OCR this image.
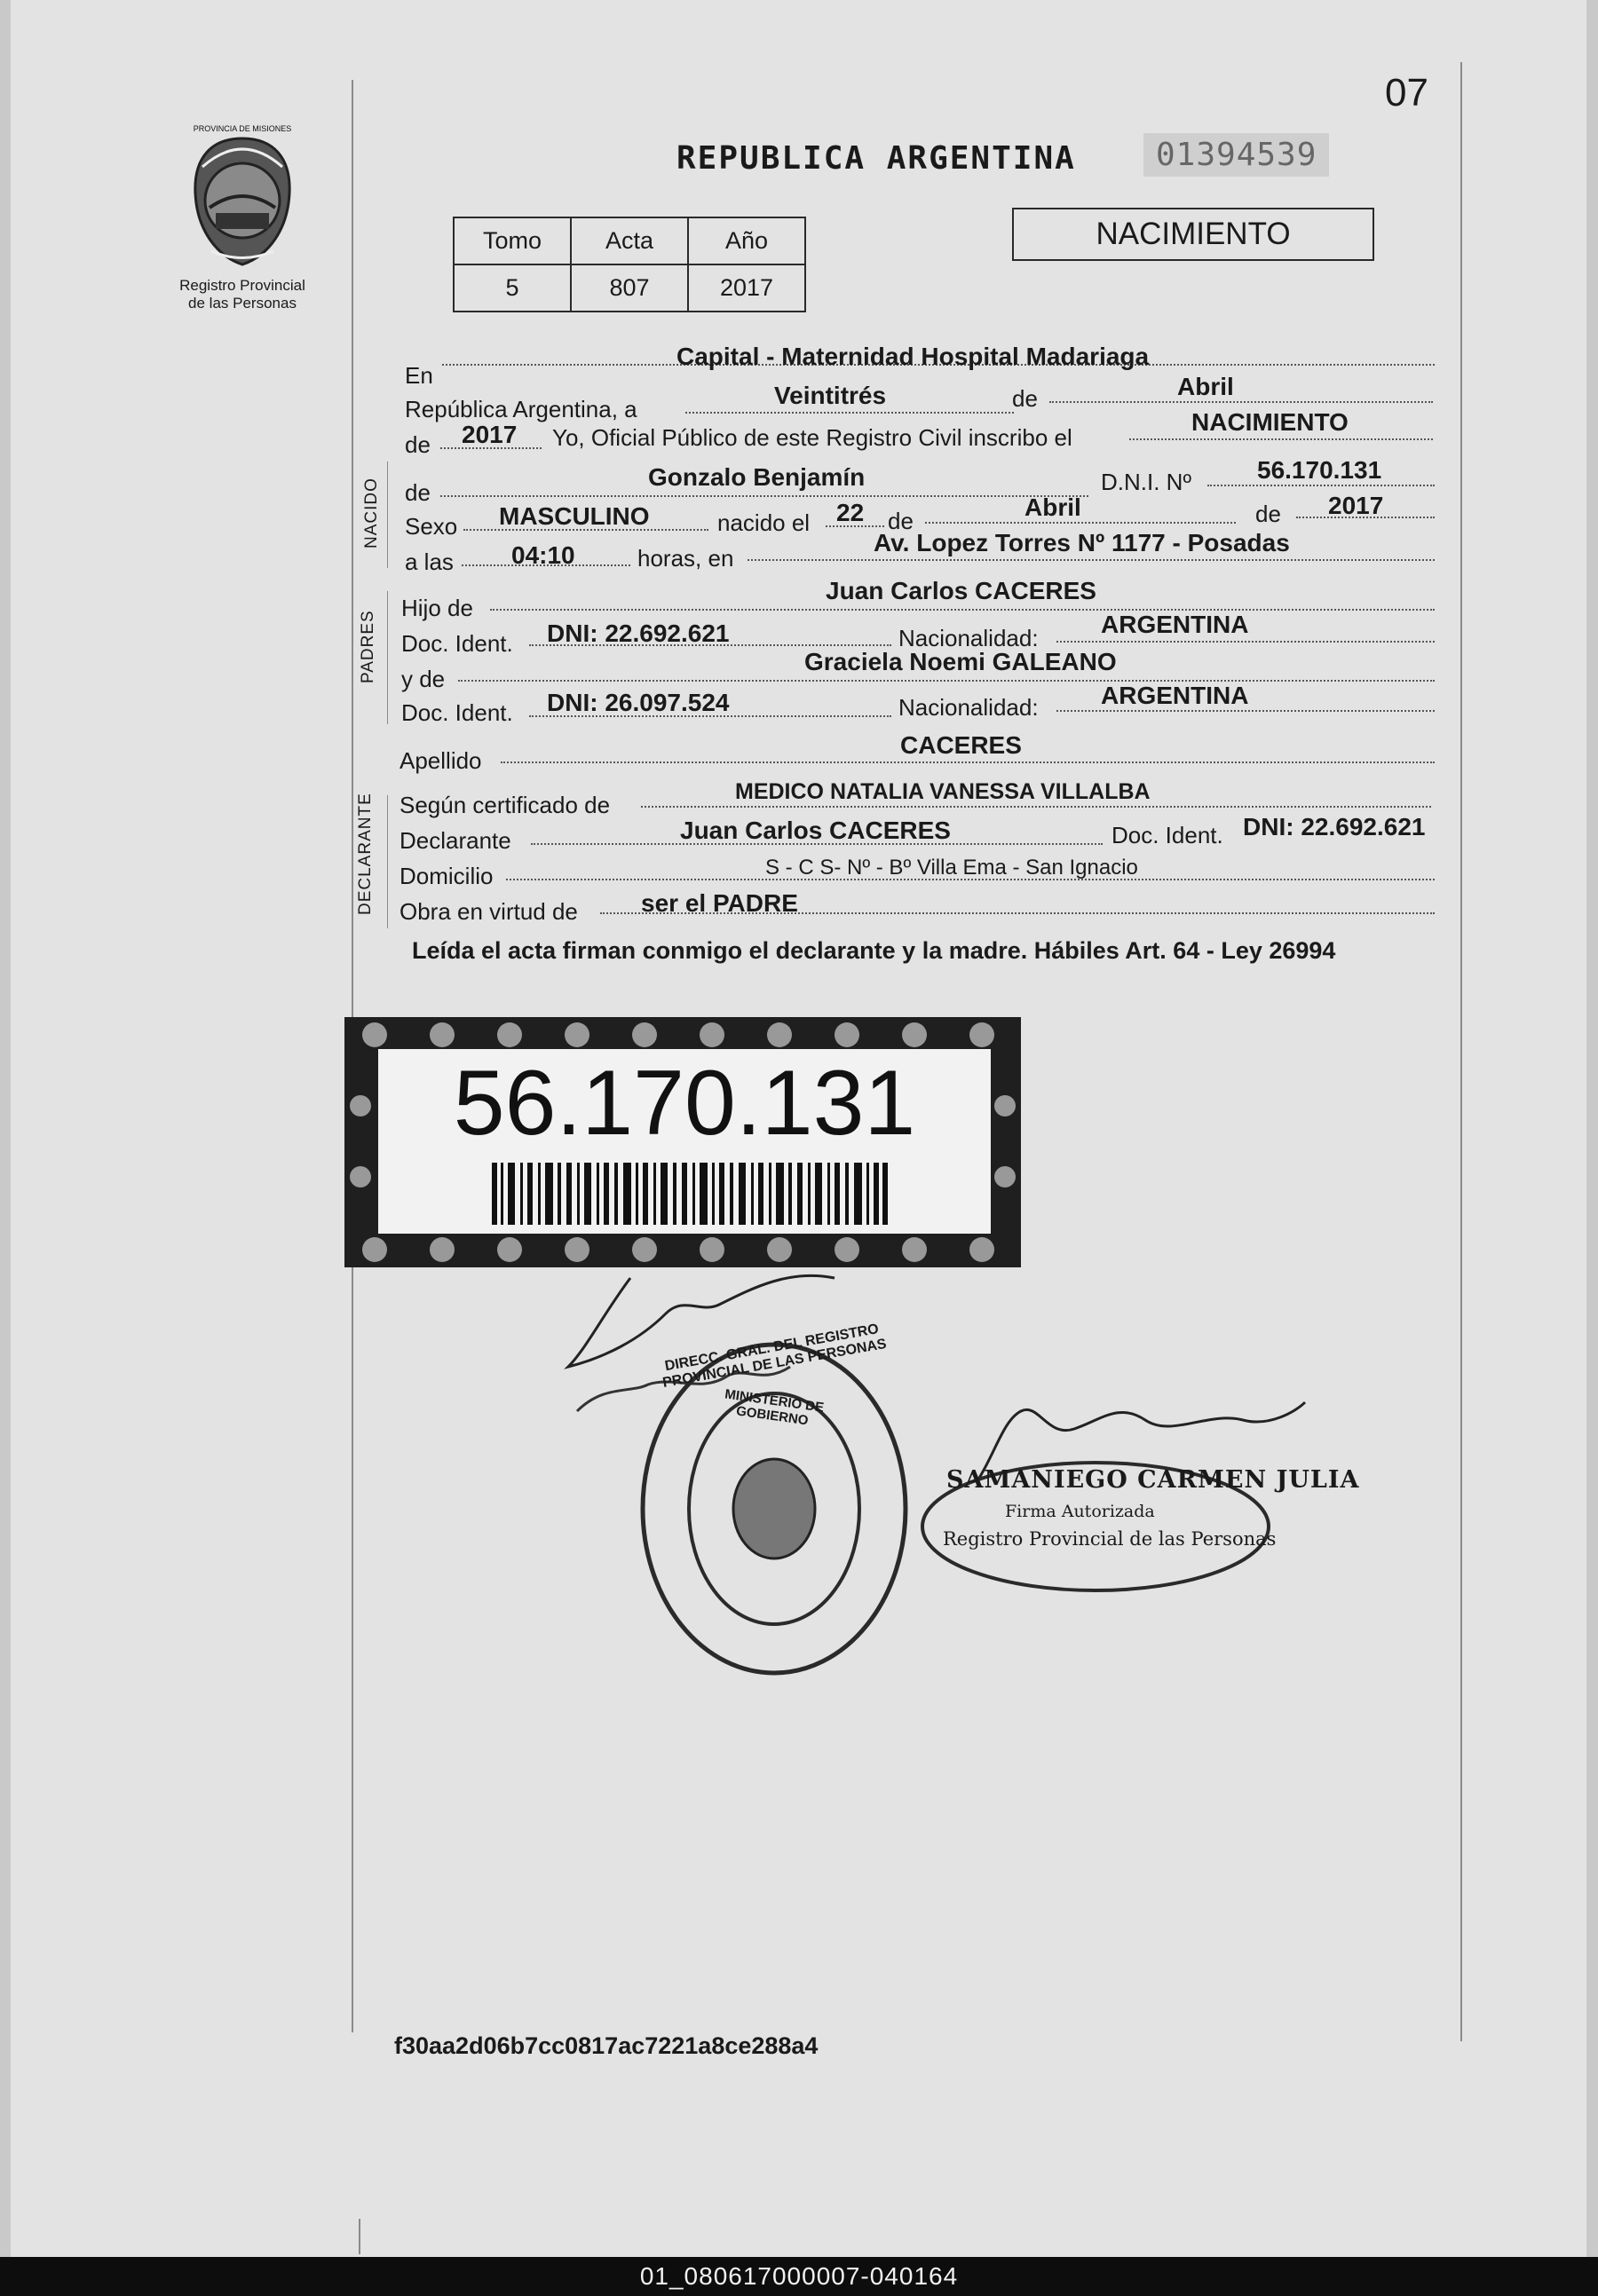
07
Registro Provincial
de las Personas
PROVINCIA DE MISIONES
REPUBLICA ARGENTINA	01394539
Tomo	Acta	Año
5	807	2017
NACIMIENTO
En
Capital - Maternidad Hospital Madariaga
República Argentina, a	Veintitrés	de	Abril
de 2017 Yo, Oficial Público de este Registro Civil inscribo el
NACIMIENTO
NACIDO de
Gonzalo Benjamín	D.N.I. Nº	56.170.131
Sexo MASCULINO	nacido el 22 de	Abril	de 2017
a las 04:10	horas, en
Av. Lopez Torres Nº 1177 - Posadas
PADRES
Hijo de
Juan Carlos CACERES
Doc. Ident. DNI: 22.692.621	Nacionalidad:	ARGENTINA
y de
Graciela Noemi GALEANO
Doc. Ident. DNI: 26.097.524	Nacionalidad:	ARGENTINA
Apellido
CACERES
DECLARANTE Según certificado de	MEDICO NATALIA VANESSA VILLALBA
Declarante	Juan Carlos CACERES	Doc. Ident. DNI: 22.692.621
Domicilio	S - C S- Nº - Bº Villa Ema - San Ignacio
Obra en virtud de	ser el PADRE
Leída el acta firman conmigo el declarante y la madre. Hábiles Art. 64 - Ley 26994
56.170.131
DIRECC. GRAL. DEL REGISTRO PROVINCIAL DE LAS PERSONAS
MINISTERIO DE GOBIERNO
SAMANIEGO CARMEN JULIA
Firma Autorizada
Registro Provincial de las Personas
f30aa2d06b7cc0817ac7221a8ce288a4
01_080617000007-040164
